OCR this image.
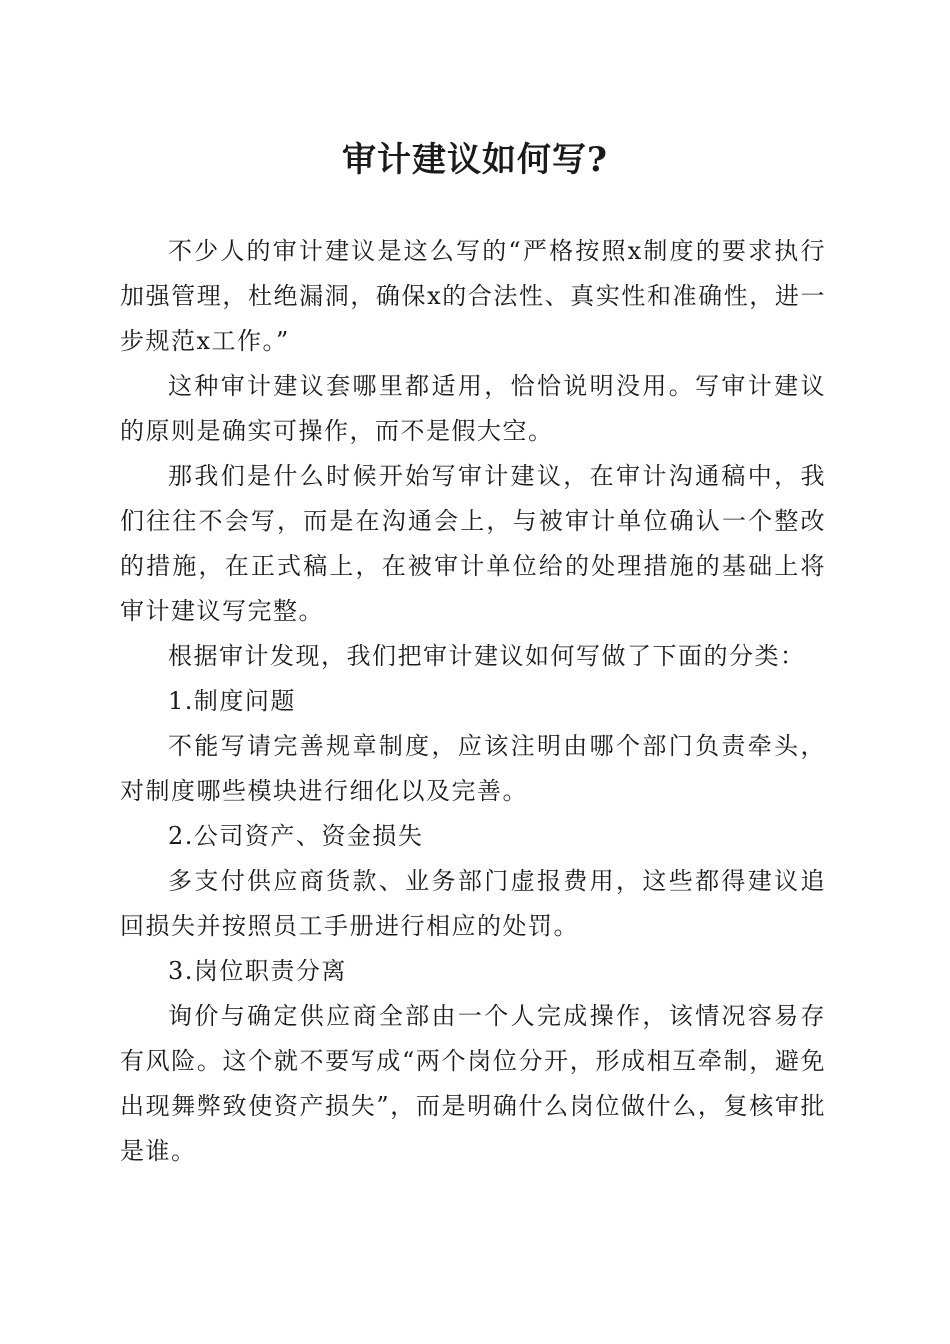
审计建议如何写?

不少人的审计建议是这么写的“严格按照x制度的要求执行加强管理，杜绝漏洞，确保x的合法性、真实性和准确性，进一步规范x工作。”

这种审计建议套哪里都适用，恰恰说明没用。写审计建议的原则是确实可操作，而不是假大空。

那我们是什么时候开始写审计建议，在审计沟通稿中，我们往往不会写，而是在沟通会上，与被审计单位确认一个整改的措施，在正式稿上，在被审计单位给的处理措施的基础上将审计建议写完整。

根据审计发现，我们把审计建议如何写做了下面的分类：

1.制度问题

不能写请完善规章制度，应该注明由哪个部门负责牵头，对制度哪些模块进行细化以及完善。

2.公司资产、资金损失

多支付供应商货款、业务部门虚报费用，这些都得建议追回损失并按照员工手册进行相应的处罚。

3.岗位职责分离

询价与确定供应商全部由一个人完成操作，该情况容易存有风险。这个就不要写成“两个岗位分开，形成相互牵制，避免出现舞弊致使资产损失”，而是明确什么岗位做什么，复核审批是谁。
